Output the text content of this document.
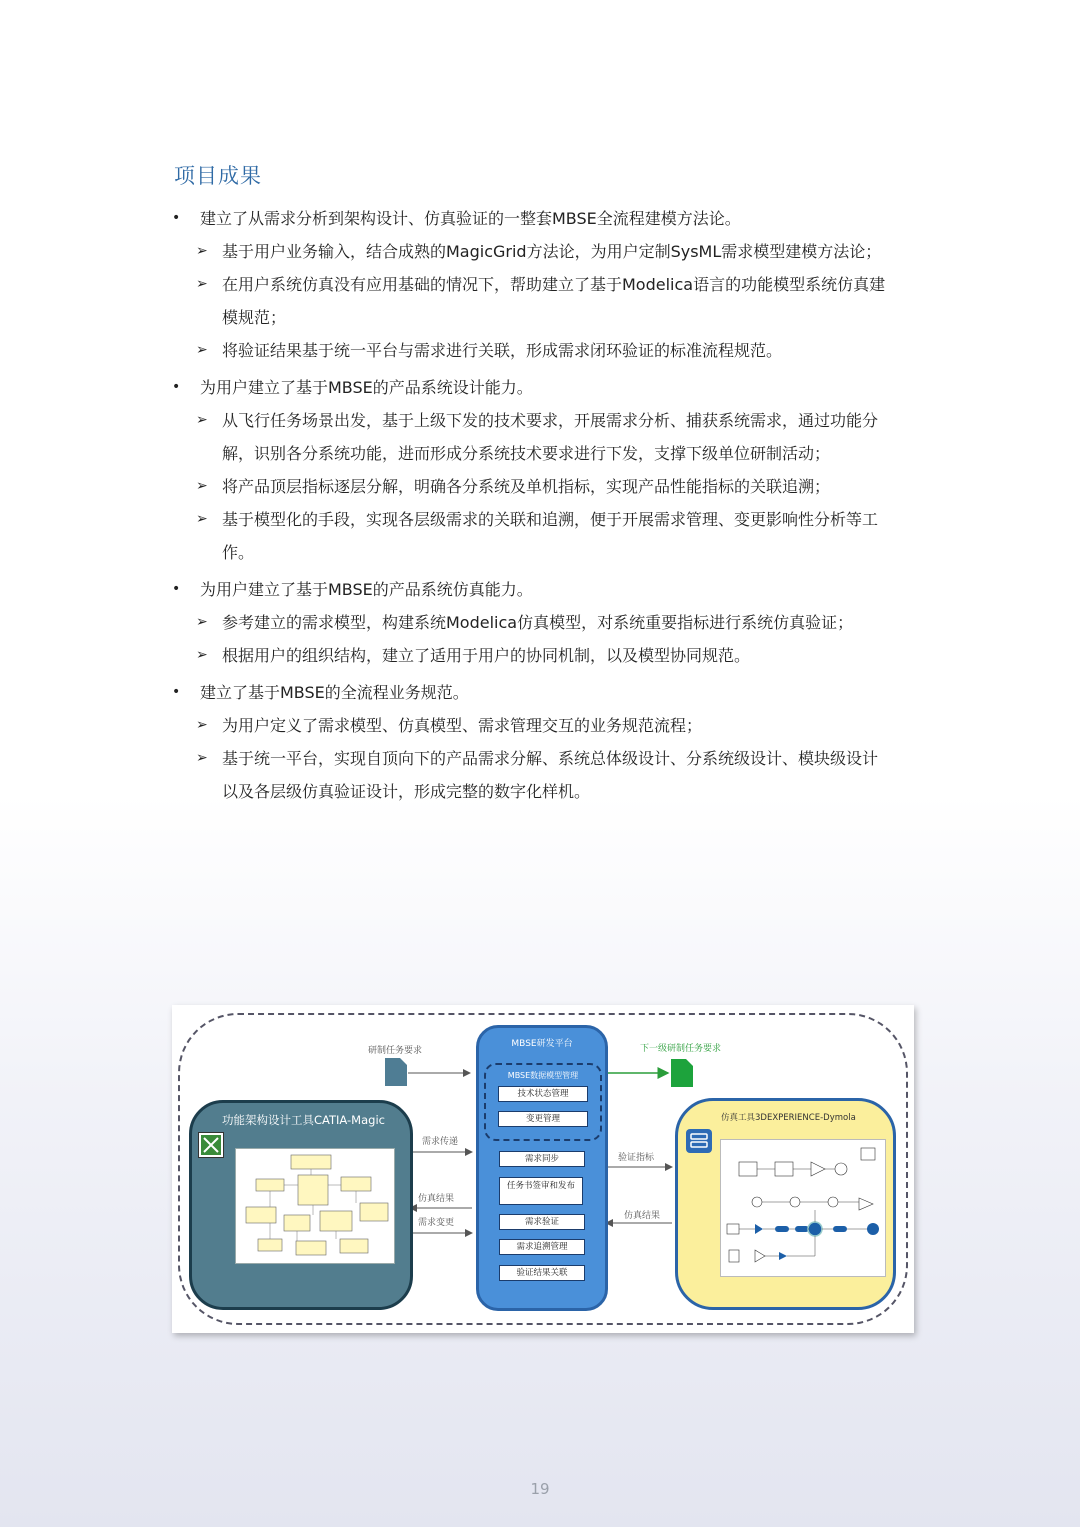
项目成果
• 建立了从需求分析到架构设计、仿真验证的一整套MBSE全流程建模方法论。
➢ 基于用户业务输入，结合成熟的MagicGrid方法论，为用户定制SysML需求模型建模方法论；
➢ 在用户系统仿真没有应用基础的情况下，帮助建立了基于Modelica语言的功能模型系统仿真建模规范；
➢ 将验证结果基于统一平台与需求进行关联，形成需求闭环验证的标准流程规范。
• 为用户建立了基于MBSE的产品系统设计能力。
➢ 从飞行任务场景出发，基于上级下发的技术要求，开展需求分析、捕获系统需求，通过功能分解，识别各分系统功能，进而形成分系统技术要求进行下发，支撑下级单位研制活动；
➢ 将产品顶层指标逐层分解，明确各分系统及单机指标，实现产品性能指标的关联追溯；
➢ 基于模型化的手段，实现各层级需求的关联和追溯，便于开展需求管理、变更影响性分析等工作。
• 为用户建立了基于MBSE的产品系统仿真能力。
➢ 参考建立的需求模型，构建系统Modelica仿真模型，对系统重要指标进行系统仿真验证；
➢ 根据用户的组织结构，建立了适用于用户的协同机制，以及模型协同规范。
• 建立了基于MBSE的全流程业务规范。
➢ 为用户定义了需求模型、仿真模型、需求管理交互的业务规范流程；
➢ 基于统一平台，实现自顶向下的产品需求分解、系统总体级设计、分系统级设计、模块级设计以及各层级仿真验证设计，形成完整的数字化样机。
研制任务要求	下一级研制任务要求
功能架构设计工具CATIA-Magic
MBSE研发平台
MBSE数据模型管理
技术状态管理
变更管理
需求同步
任务书签审和发布
需求验证
需求追溯管理
验证结果关联
需求传递
仿真结果
需求变更
验证指标
仿真结果
仿真工具3DEXPERIENCE-Dymola
19
